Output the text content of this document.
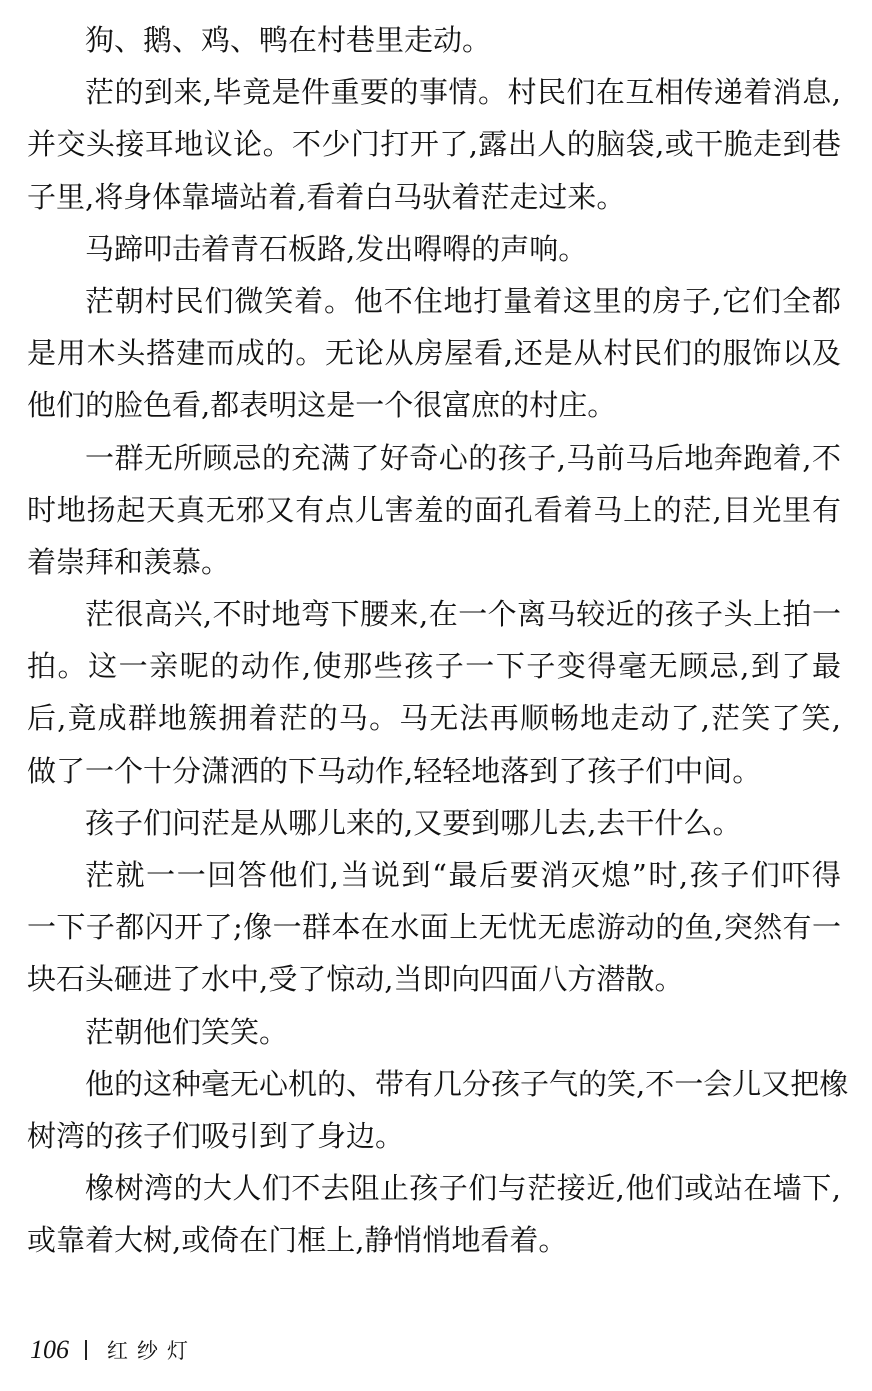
狗、鹅、鸡、鸭在村巷里走动。
茫的到来,毕竟是件重要的事情。村民们在互相传递着消息,
并交头接耳地议论。不少门打开了,露出人的脑袋,或干脆走到巷
子里,将身体靠墙站着,看着白马驮着茫走过来。
马蹄叩击着青石板路,发出嘚嘚的声响。
茫朝村民们微笑着。他不住地打量着这里的房子,它们全都
是用木头搭建而成的。无论从房屋看,还是从村民们的服饰以及
他们的脸色看,都表明这是一个很富庶的村庄。
一群无所顾忌的充满了好奇心的孩子,马前马后地奔跑着,不
时地扬起天真无邪又有点儿害羞的面孔看着马上的茫,目光里有
着崇拜和羡慕。
茫很高兴,不时地弯下腰来,在一个离马较近的孩子头上拍一
拍。这一亲昵的动作,使那些孩子一下子变得毫无顾忌,到了最
后,竟成群地簇拥着茫的马。马无法再顺畅地走动了,茫笑了笑,
做了一个十分潇洒的下马动作,轻轻地落到了孩子们中间。
孩子们问茫是从哪儿来的,又要到哪儿去,去干什么。
茫就一一回答他们,当说到“最后要消灭熄”时,孩子们吓得
一下子都闪开了;像一群本在水面上无忧无虑游动的鱼,突然有一
块石头砸进了水中,受了惊动,当即向四面八方潜散。
茫朝他们笑笑。
他的这种毫无心机的、带有几分孩子气的笑,不一会儿又把橡
树湾的孩子们吸引到了身边。
橡树湾的大人们不去阻止孩子们与茫接近,他们或站在墙下,
或靠着大树,或倚在门框上,静悄悄地看着。
106 红纱灯
